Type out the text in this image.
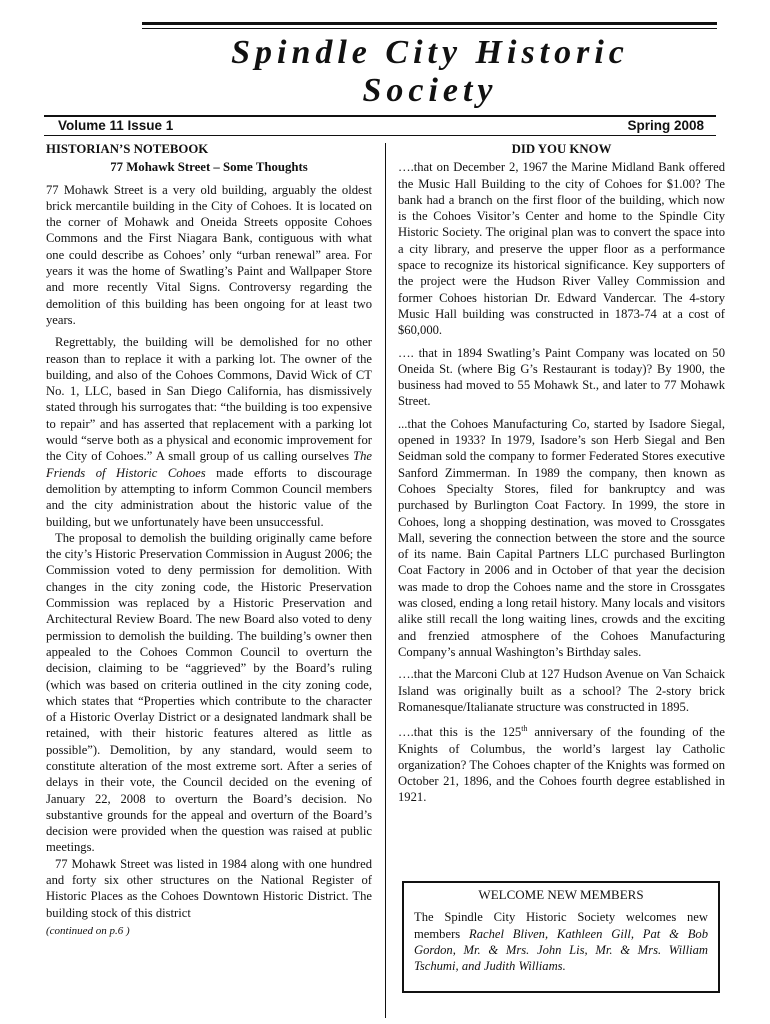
Spindle City Historic
Society
Volume 11 Issue 1	Spring 2008
HISTORIAN’S NOTEBOOK
77 Mohawk Street – Some Thoughts

77 Mohawk Street is a very old building, arguably the oldest brick mercantile building in the City of Cohoes. It is located on the corner of Mohawk and Oneida Streets opposite Cohoes Commons and the First Niagara Bank, contiguous with what one could describe as Cohoes’ only “urban renewal” area. For years it was the home of Swatling’s Paint and Wallpaper Store and more recently Vital Signs. Controversy regarding the demolition of this building has been ongoing for at least two years.

Regrettably, the building will be demolished for no other reason than to replace it with a parking lot. The owner of the building, and also of the Cohoes Commons, David Wick of CT No. 1, LLC, based in San Diego California, has dismissively stated through his surrogates that: “the building is too expensive to repair” and has asserted that replacement with a parking lot would “serve both as a physical and economic improvement for the City of Cohoes.” A small group of us calling ourselves The Friends of Historic Cohoes made efforts to discourage demolition by attempting to inform Common Council members and the city administration about the historic value of the building, but we unfortunately have been unsuccessful.

The proposal to demolish the building originally came before the city’s Historic Preservation Commission in August 2006; the Commission voted to deny permission for demolition. With changes in the city zoning code, the Historic Preservation Commission was replaced by a Historic Preservation and Architectural Review Board. The new Board also voted to deny permission to demolish the building. The building’s owner then appealed to the Cohoes Common Council to overturn the decision, claiming to be “aggrieved” by the Board’s ruling (which was based on criteria outlined in the city zoning code, which states that “Properties which contribute to the character of a Historic Overlay District or a designated landmark shall be retained, with their historic features altered as little as possible”). Demolition, by any standard, would seem to constitute alteration of the most extreme sort. After a series of delays in their vote, the Council decided on the evening of January 22, 2008 to overturn the Board’s decision. No substantive grounds for the appeal and overturn of the Board’s decision were provided when the question was raised at public meetings.

77 Mohawk Street was listed in 1984 along with one hundred and forty six other structures on the National Register of Historic Places as the Cohoes Downtown Historic District. The building stock of this district

(continued on p.6 )
DID YOU KNOW

….that on December 2, 1967 the Marine Midland Bank offered the Music Hall Building to the city of Cohoes for $1.00? The bank had a branch on the first floor of the building, which now is the Cohoes Visitor’s Center and home to the Spindle City Historic Society. The original plan was to convert the space into a city library, and preserve the upper floor as a performance space to recognize its historical significance. Key supporters of the project were the Hudson River Valley Commission and former Cohoes historian Dr. Edward Vandercar. The 4-story Music Hall building was constructed in 1873-74 at a cost of $60,000.

…. that in 1894 Swatling’s Paint Company was located on 50 Oneida St. (where Big G’s Restaurant is today)? By 1900, the business had moved to 55 Mohawk St., and later to 77 Mohawk Street.

...that the Cohoes Manufacturing Co, started by Isadore Siegal, opened in 1933? In 1979, Isadore’s son Herb Siegal and Ben Seidman sold the company to former Federated Stores executive Sanford Zimmerman. In 1989 the company, then known as Cohoes Specialty Stores, filed for bankruptcy and was purchased by Burlington Coat Factory. In 1999, the store in Cohoes, long a shopping destination, was moved to Crossgates Mall, severing the connection between the store and the source of its name. Bain Capital Partners LLC purchased Burlington Coat Factory in 2006 and in October of that year the decision was made to drop the Cohoes name and the store in Crossgates was closed, ending a long retail history. Many locals and visitors alike still recall the long waiting lines, crowds and the exciting and frenzied atmosphere of the Cohoes Manufacturing Company’s annual Washington’s Birthday sales.

….that the Marconi Club at 127 Hudson Avenue on Van Schaick Island was originally built as a school? The 2-story brick Romanesque/Italianate structure was constructed in 1895.

….that this is the 125th anniversary of the founding of the Knights of Columbus, the world’s largest lay Catholic organization? The Cohoes chapter of the Knights was formed on October 21, 1896, and the Cohoes fourth degree established in 1921.

WELCOME NEW MEMBERS

The Spindle City Historic Society welcomes new members Rachel Bliven, Kathleen Gill, Pat & Bob Gordon, Mr. & Mrs. John Lis, Mr. & Mrs. William Tschumi, and Judith Williams.
